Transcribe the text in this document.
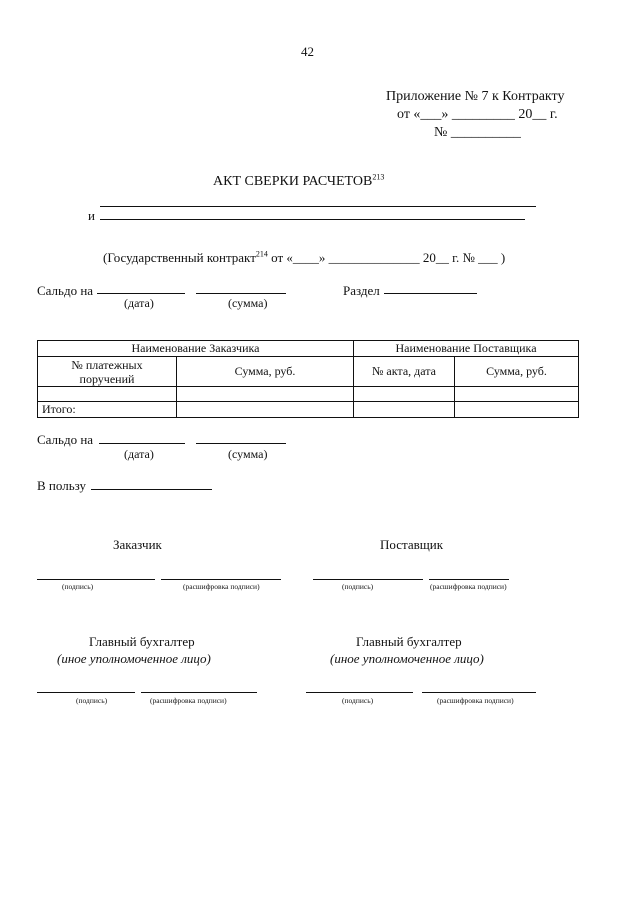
42
Приложение № 7 к Контракту
от «___» _________ 20__ г.
№ __________
АКТ СВЕРКИ РАСЧЕТОВ$^{213}$
и
(Государственный контракт$^{214}$ от «____» ______________ 20__ г. № ___ )
Сальдо на
(дата)	(сумма)
Раздел
Наименование Заказчика		Наименование Поставщика	
№ платежных
поручений	Сумма, руб.	№ акта, дата	Сумма, руб.

Итого:			
Сальдо на
(дата)	(сумма)
В пользу
Заказчик	Поставщик
(подпись)	(расшифровка подписи)	(подпись)	(расшифровка подписи)
Главный бухгалтер
(иное уполномоченное лицо)
Главный бухгалтер
(иное уполномоченное лицо)
(подпись)	(расшифровка подписи)	(подпись)	(расшифровка подписи)
